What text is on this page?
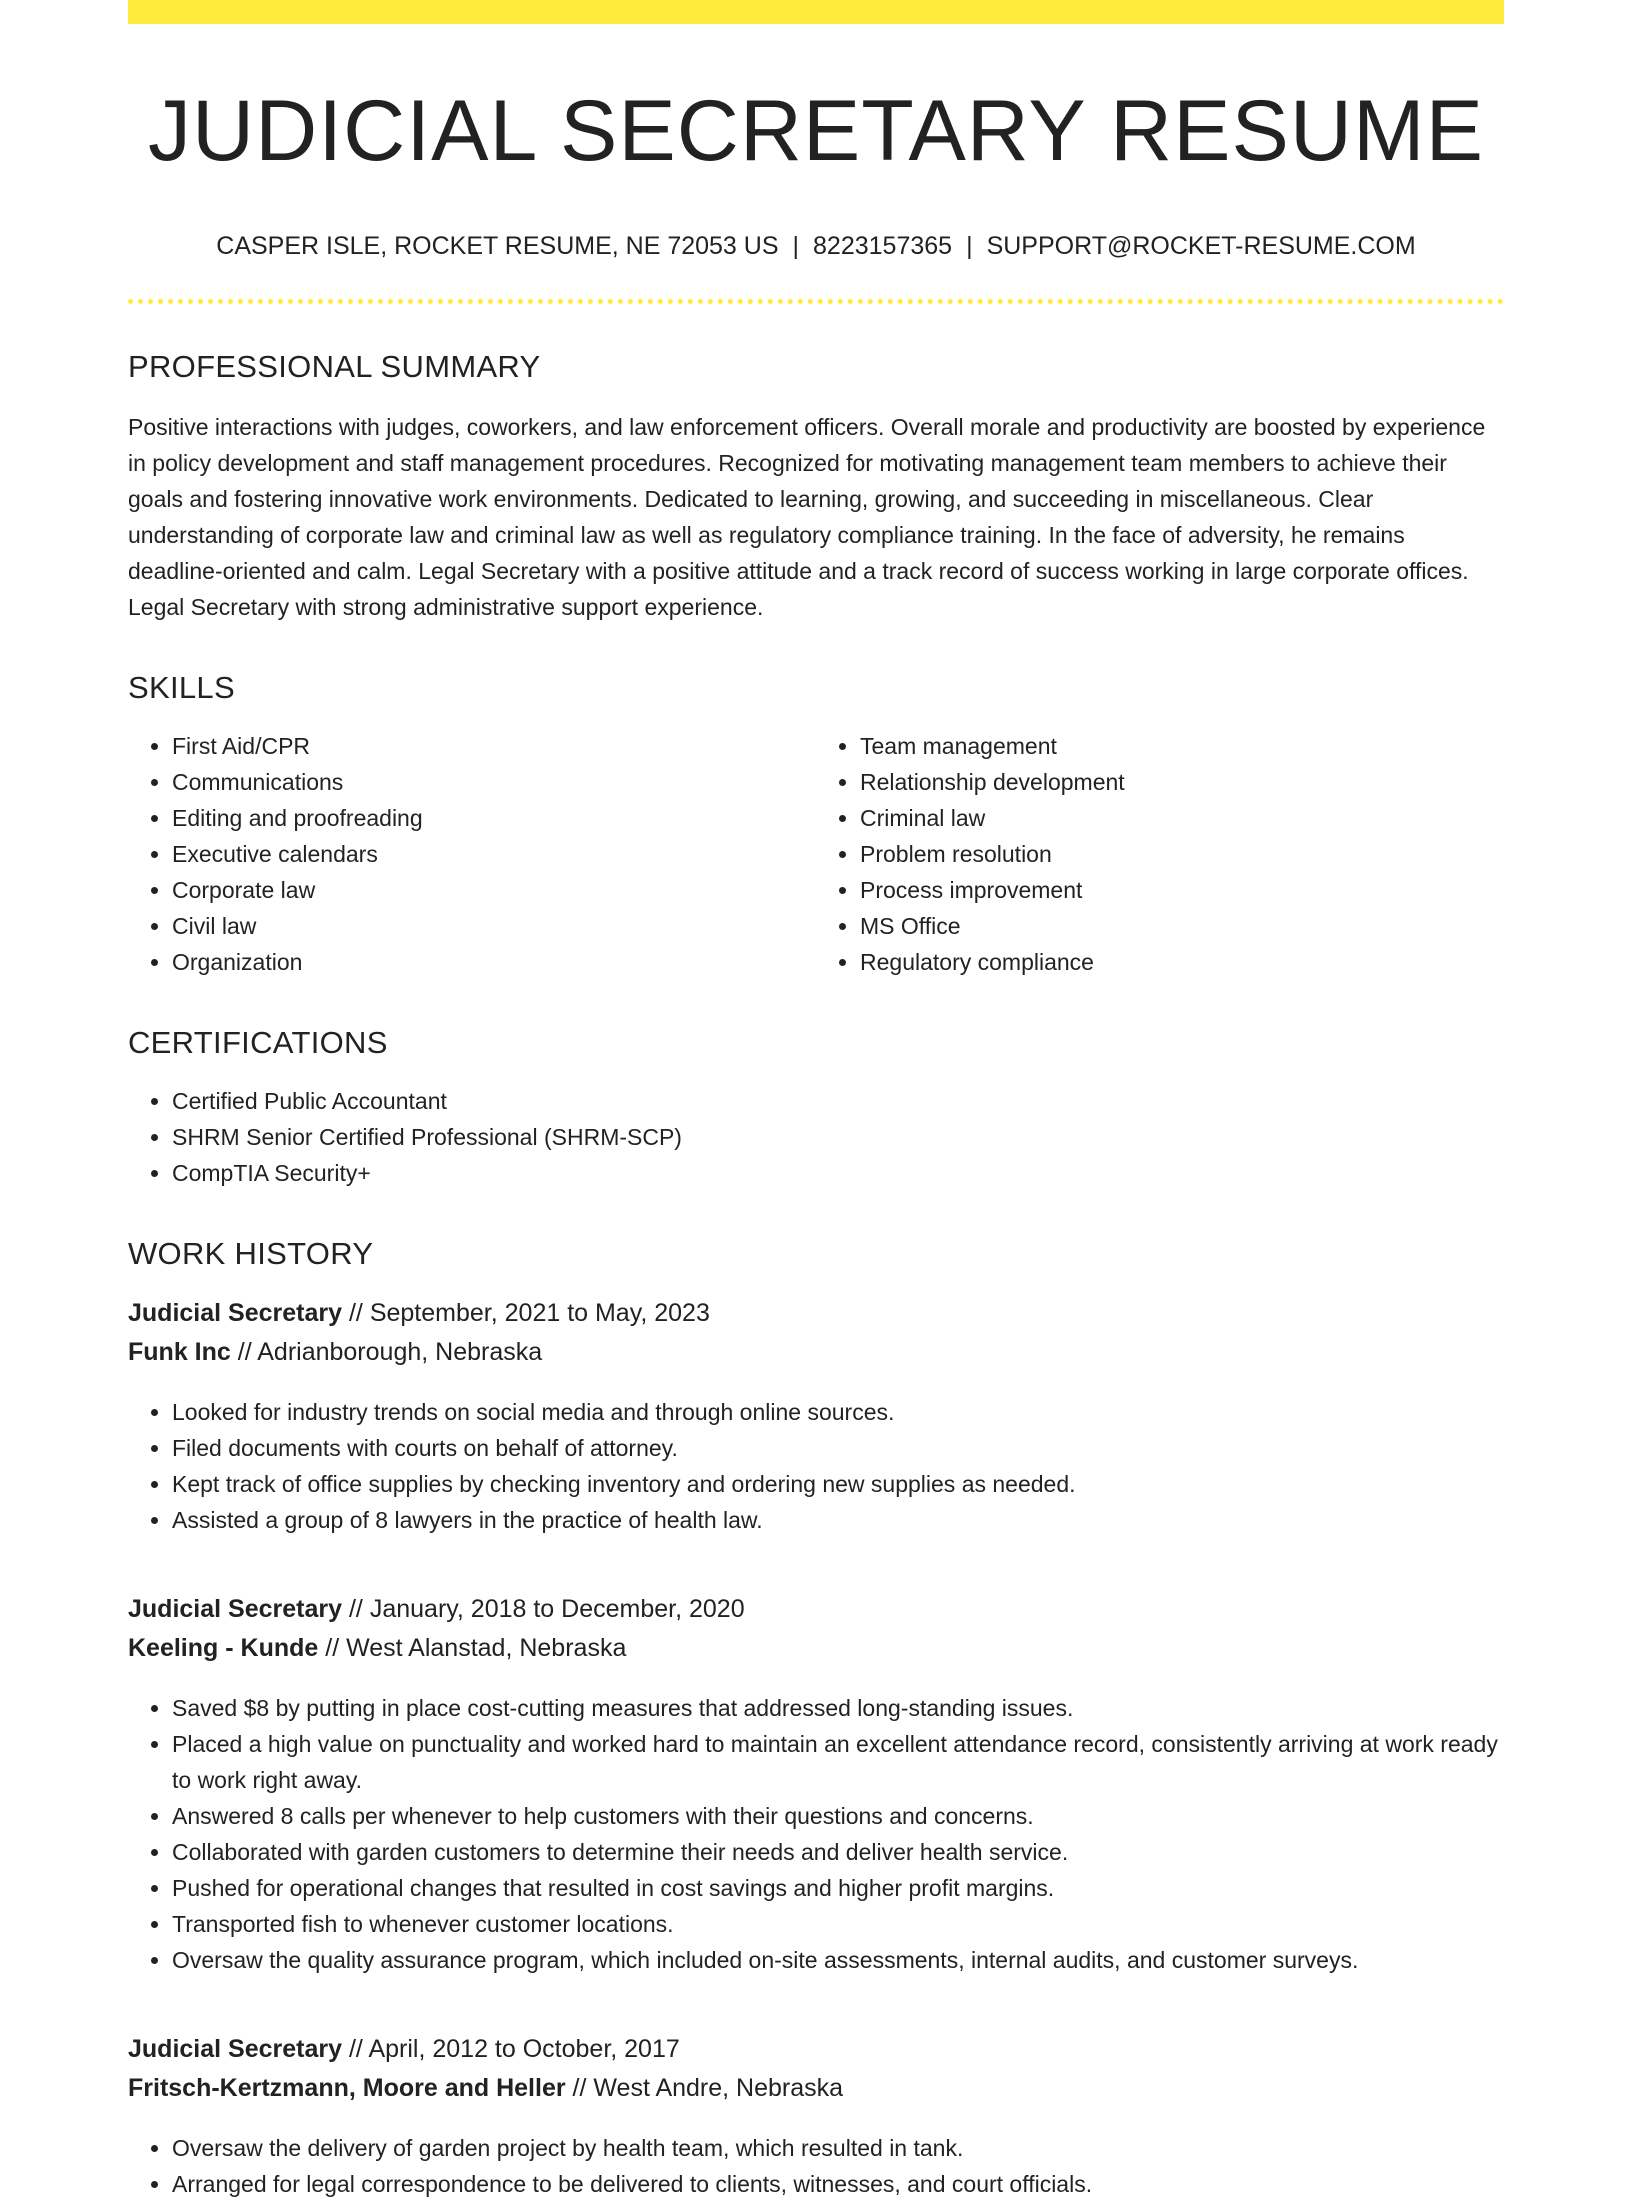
JUDICIAL SECRETARY RESUME
CASPER ISLE, ROCKET RESUME, NE 72053 US | 8223157365 | SUPPORT@ROCKET-RESUME.COM
PROFESSIONAL SUMMARY
Positive interactions with judges, coworkers, and law enforcement officers. Overall morale and productivity are boosted by experience in policy development and staff management procedures. Recognized for motivating management team members to achieve their goals and fostering innovative work environments. Dedicated to learning, growing, and succeeding in miscellaneous. Clear understanding of corporate law and criminal law as well as regulatory compliance training. In the face of adversity, he remains deadline-oriented and calm. Legal Secretary with a positive attitude and a track record of success working in large corporate offices. Legal Secretary with strong administrative support experience.
SKILLS
• First Aid/CPR
• Communications
• Editing and proofreading
• Executive calendars
• Corporate law
• Civil law
• Organization
• Team management
• Relationship development
• Criminal law
• Problem resolution
• Process improvement
• MS Office
• Regulatory compliance
CERTIFICATIONS
• Certified Public Accountant
• SHRM Senior Certified Professional (SHRM-SCP)
• CompTIA Security+
WORK HISTORY
Judicial Secretary // September, 2021 to May, 2023
Funk Inc // Adrianborough, Nebraska
• Looked for industry trends on social media and through online sources.
• Filed documents with courts on behalf of attorney.
• Kept track of office supplies by checking inventory and ordering new supplies as needed.
• Assisted a group of 8 lawyers in the practice of health law.
Judicial Secretary // January, 2018 to December, 2020
Keeling - Kunde // West Alanstad, Nebraska
• Saved $8 by putting in place cost-cutting measures that addressed long-standing issues.
• Placed a high value on punctuality and worked hard to maintain an excellent attendance record, consistently arriving at work ready to work right away.
• Answered 8 calls per whenever to help customers with their questions and concerns.
• Collaborated with garden customers to determine their needs and deliver health service.
• Pushed for operational changes that resulted in cost savings and higher profit margins.
• Transported fish to whenever customer locations.
• Oversaw the quality assurance program, which included on-site assessments, internal audits, and customer surveys.
Judicial Secretary // April, 2012 to October, 2017
Fritsch-Kertzmann, Moore and Heller // West Andre, Nebraska
• Oversaw the delivery of garden project by health team, which resulted in tank.
• Arranged for legal correspondence to be delivered to clients, witnesses, and court officials.
